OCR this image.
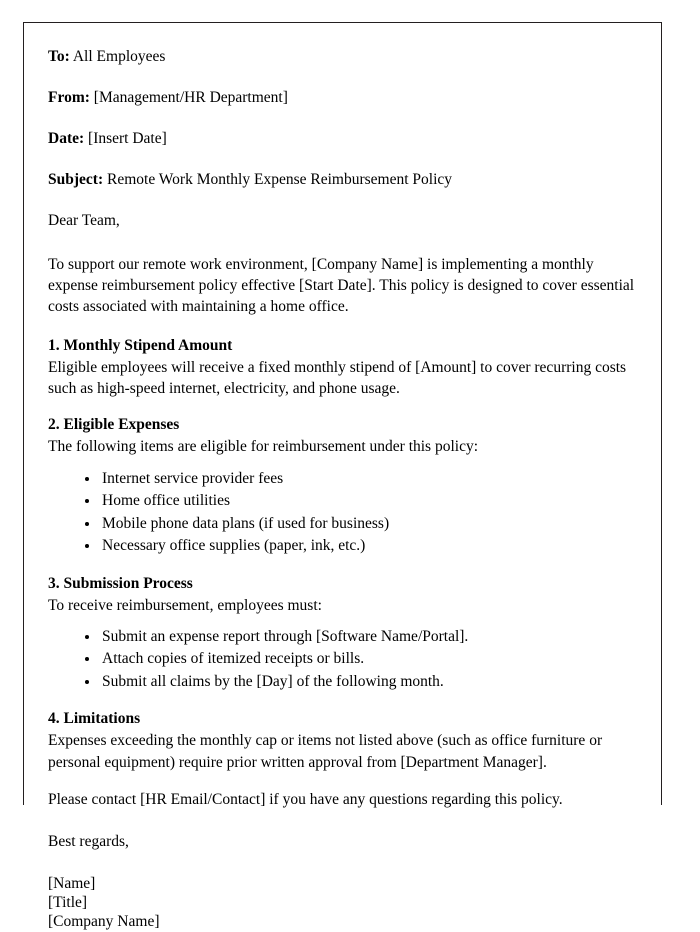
To: All Employees

From: [Management/HR Department]

Date: [Insert Date]

Subject: Remote Work Monthly Expense Reimbursement Policy

Dear Team,

To support our remote work environment, [Company Name] is implementing a monthly expense reimbursement policy effective [Start Date]. This policy is designed to cover essential costs associated with maintaining a home office.

1. Monthly Stipend Amount

Eligible employees will receive a fixed monthly stipend of [Amount] to cover recurring costs such as high-speed internet, electricity, and phone usage.

2. Eligible Expenses

The following items are eligible for reimbursement under this policy:

• Internet service provider fees
• Home office utilities
• Mobile phone data plans (if used for business)
• Necessary office supplies (paper, ink, etc.)

3. Submission Process

To receive reimbursement, employees must:

• Submit an expense report through [Software Name/Portal].
• Attach copies of itemized receipts or bills.
• Submit all claims by the [Day] of the following month.

4. Limitations

Expenses exceeding the monthly cap or items not listed above (such as office furniture or personal equipment) require prior written approval from [Department Manager].

Please contact [HR Email/Contact] if you have any questions regarding this policy.

Best regards,

[Name]
[Title]
[Company Name]
